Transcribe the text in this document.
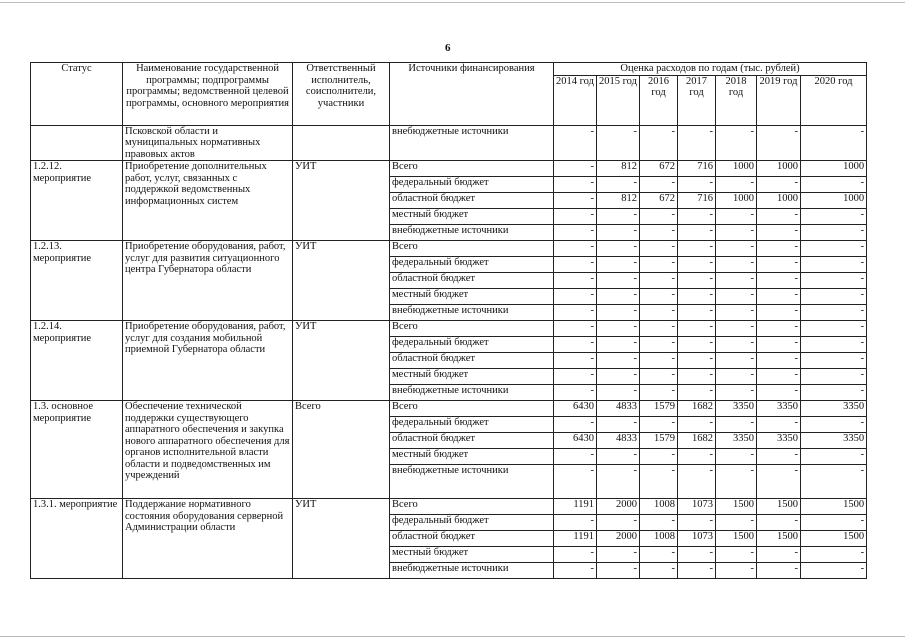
6
Статус	Наименование государственной программы; подпрограммы программы; ведомственной целевой программы, основного мероприятия	Ответственный исполнитель, соисполнители, участники	Источники финансирования	Оценка расходов по годам (тыс. рублей)						
				2014 год	2015 год	2016 год	2017 год	2018 год	2019 год	2020 год
	Псковской области и муниципальных нормативных правовых актов		внебюджетные источники	-	-	-	-	-	-	-
1.2.12. мероприятие	Приобретение дополнительных работ, услуг, связанных с поддержкой ведомственных информационных систем	УИТ	Всего	-	812	672	716	1000	1000	1000
			федеральный бюджет	-	-	-	-	-	-	-
			областной бюджет	-	812	672	716	1000	1000	1000
			местный бюджет	-	-	-	-	-	-	-
			внебюджетные источники	-	-	-	-	-	-	-
1.2.13. мероприятие	Приобретение оборудования, работ, услуг для развития ситуационного центра Губернатора области	УИТ	Всего	-	-	-	-	-	-	-
			федеральный бюджет	-	-	-	-	-	-	-
			областной бюджет	-	-	-	-	-	-	-
			местный бюджет	-	-	-	-	-	-	-
			внебюджетные источники	-	-	-	-	-	-	-
1.2.14. мероприятие	Приобретение оборудования, работ, услуг для создания мобильной приемной Губернатора области	УИТ	Всего	-	-	-	-	-	-	-
			федеральный бюджет	-	-	-	-	-	-	-
			областной бюджет	-	-	-	-	-	-	-
			местный бюджет	-	-	-	-	-	-	-
			внебюджетные источники	-	-	-	-	-	-	-
1.3. основное мероприятие	Обеспечение технической поддержки существующего аппаратного обеспечения и закупка нового аппаратного обеспечения для органов исполнительной власти области и подведомственных им учреждений	Всего	Всего	6430	4833	1579	1682	3350	3350	3350
			федеральный бюджет	-	-	-	-	-	-	-
			областной бюджет	6430	4833	1579	1682	3350	3350	3350
			местный бюджет	-	-	-	-	-	-	-
			внебюджетные источники	-	-	-	-	-	-	-
1.3.1. мероприятие	Поддержание нормативного состояния оборудования серверной Администрации области	УИТ	Всего	1191	2000	1008	1073	1500	1500	1500
			федеральный бюджет	-	-	-	-	-	-	-
			областной бюджет	1191	2000	1008	1073	1500	1500	1500
			местный бюджет	-	-	-	-	-	-	-
			внебюджетные источники	-	-	-	-	-	-	-
